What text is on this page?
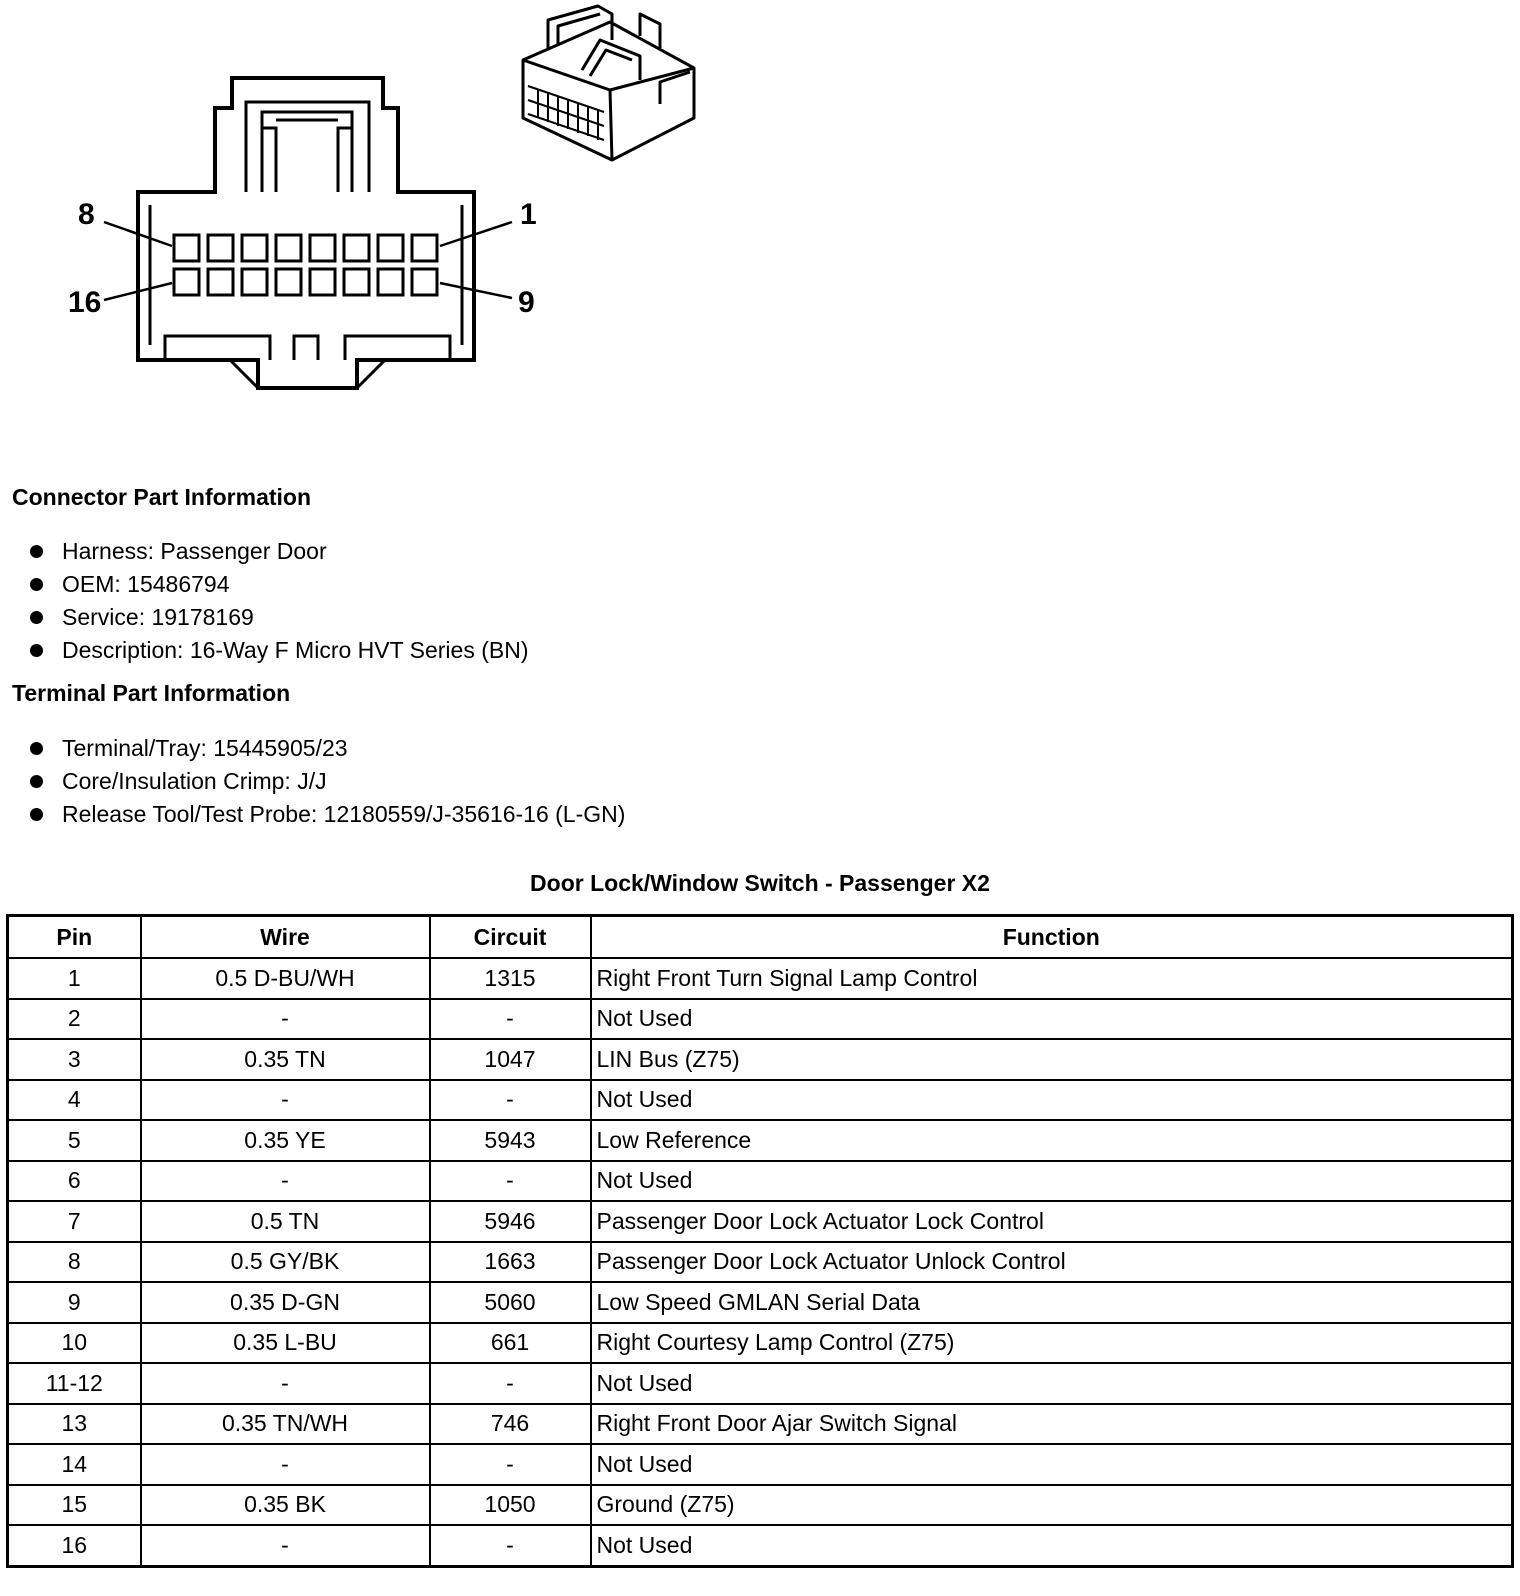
8	1
16	9
Connector Part Information
Harness: Passenger Door
OEM: 15486794
Service: 19178169
Description: 16-Way F Micro HVT Series (BN)
Terminal Part Information
Terminal/Tray: 15445905/23
Core/Insulation Crimp: J/J
Release Tool/Test Probe: 12180559/J-35616-16 (L-GN)
Door Lock/Window Switch - Passenger X2
Pin	Wire	Circuit	Function
1	0.5 D-BU/WH	1315	Right Front Turn Signal Lamp Control
2	-	-	Not Used
3	0.35 TN	1047	LIN Bus (Z75)
4	-	-	Not Used
5	0.35 YE	5943	Low Reference
6	-	-	Not Used
7	0.5 TN	5946	Passenger Door Lock Actuator Lock Control
8	0.5 GY/BK	1663	Passenger Door Lock Actuator Unlock Control
9	0.35 D-GN	5060	Low Speed GMLAN Serial Data
10	0.35 L-BU	661	Right Courtesy Lamp Control (Z75)
11-12	-	-	Not Used
13	0.35 TN/WH	746	Right Front Door Ajar Switch Signal
14	-	-	Not Used
15	0.35 BK	1050	Ground (Z75)
16	-	-	Not Used
